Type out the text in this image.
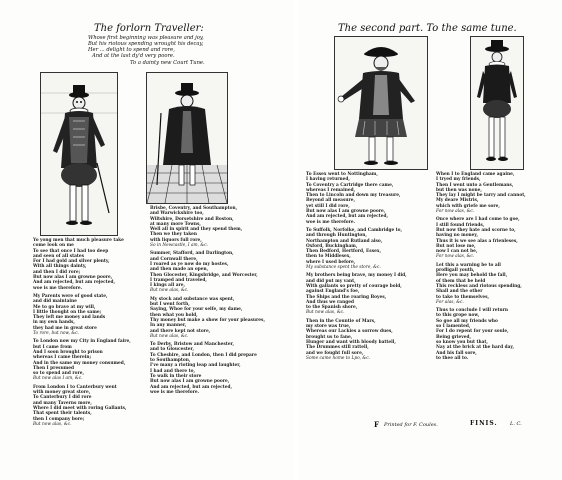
The forlorn Traveller:
Whose first beginning was pleasure and joy,
But his riotous spending wrought his decay,
Her ... delight to spend and rore,
And at the last dy'd very poore.
To a dainty new Court Tune.
Yo yong men that much pleasure take
come look on me
To see that once I had too deep
and seen of all states
For I had gold and silver plenty,
With all things dainty,
and then I did rore;
But now alas I am growne poore,
And am rejected, but am rejected,
woe is me therefore.
My Parents were of good state,
and did maintaine
Me to go brave at my will,
I little thought on the same;
They left me money and lands
in my own hands,
they had me in great store
To rore, but now, &c.
To London now my City in England faire,
but I came from
And I soon brought to prison
whereas I came therein;
And in the same my money consumed,
Then I presumed
so to spend and rore,
But now alas I am, &c.
From London I to Canterbury went
with money great store,
To Canterbury I did rore
and many Taverns more,
Where I did meet with roring Gallants,
That spent their talents,
then I company bore;
But now alas, &c.
Brisbe, Coventry, and Southampton,
and Warwickshire too,
Wiltshire, Dorsetshire and Boston,
at many more Towns,
Well all in spirit and they spend them,
Then we they taken
with liquors full rore,
So in Newcastle, I am, &c.
Summer, Stafford, and Darlington,
and Cornwall there,
I roared as ye now do my hostes,
and then made an open,
Then Glocester, Kingsbridge, and Worcester,
I tramped and traveled,
I kings all are,
But now alas, &c.
My stock and substance was spent,
but I went forth,
Saying, Whoe for your selfe, my dame,
then what you hold,
Thy money but make a show for your pleasures,
In any manner,
and there kept not store,
But now alas, &c.
To Derby, Bristow and Manchester,
and to Gloucester,
To Cheshire, and London, then I did prepare
to Southampton,
I've many a rioting leap and laughter,
I had and there to,
To walk in their store
But now alas I am growne poore,
And am rejected, but am rejected,
woe is me therefore.
The second part. To the same tune.
To Essex went to Nottingham,
I having returned,
To Coventry a Cartridge there came,
whereas I remained,
Then to Lincoln and down my treasure,
Beyond all measure,
yet still I did rore,
But now alas I am growne poore,
And am rejected, but am rejected,
woe is me therefore.
To Suffolk, Norfolke, and Cambridge to,
and through Huntington,
Northampton and Rutland also,
Oxford, Buckingham,
Then Bedford, Hertford, Essex,
then to Middlesex,
where I used before,
My substance spent the store, &c.
My brothers being brave, my money I did,
and did put my vant,
With gallants so pretty of courage bold,
against England's foe,
The Ships and the roaring Boyes,
And thus we ranged
to the Spanish shore,
But now alas, &c.
Then in the Countie of Mars,
my store was true,
Whereas our Lackies a sorrow dues,
brought us to fane,
Hunger and want with bloody battell,
The Drummes still rattell,
and we fought full sore,
Some came home to Lpo, &c.
When I to England came againe,
I tryed my friends,
Then I went unto a Gentlemans,
but then was none,
They lay I might be tarry and cannot,
My deare Mistris,
which with griefe me sore,
For now alas, &c.
Once where are I had come to goe,
I still found friends,
But now they hate and scorne to,
having no money,
Thus it is we see alas a frienleses,
But not lose me,
now I can not be,
For now alas, &c.
Let this a warning be to all
profligall youth,
Here you may behold the fall,
of them that be held
This reckless and riotous spending,
Shall and the other
to take to themselves,
For alas, &c.
Thus to conclude I will return
to this grope now,
So goe all my friends who
so I lamented,
For I do repent for your soule,
Being grieved,
so know you but that,
Nay at the brick at the hard day,
And his fall sore,
to thee all to.
F Printed for F. Coules.	FINIS. L. C.
